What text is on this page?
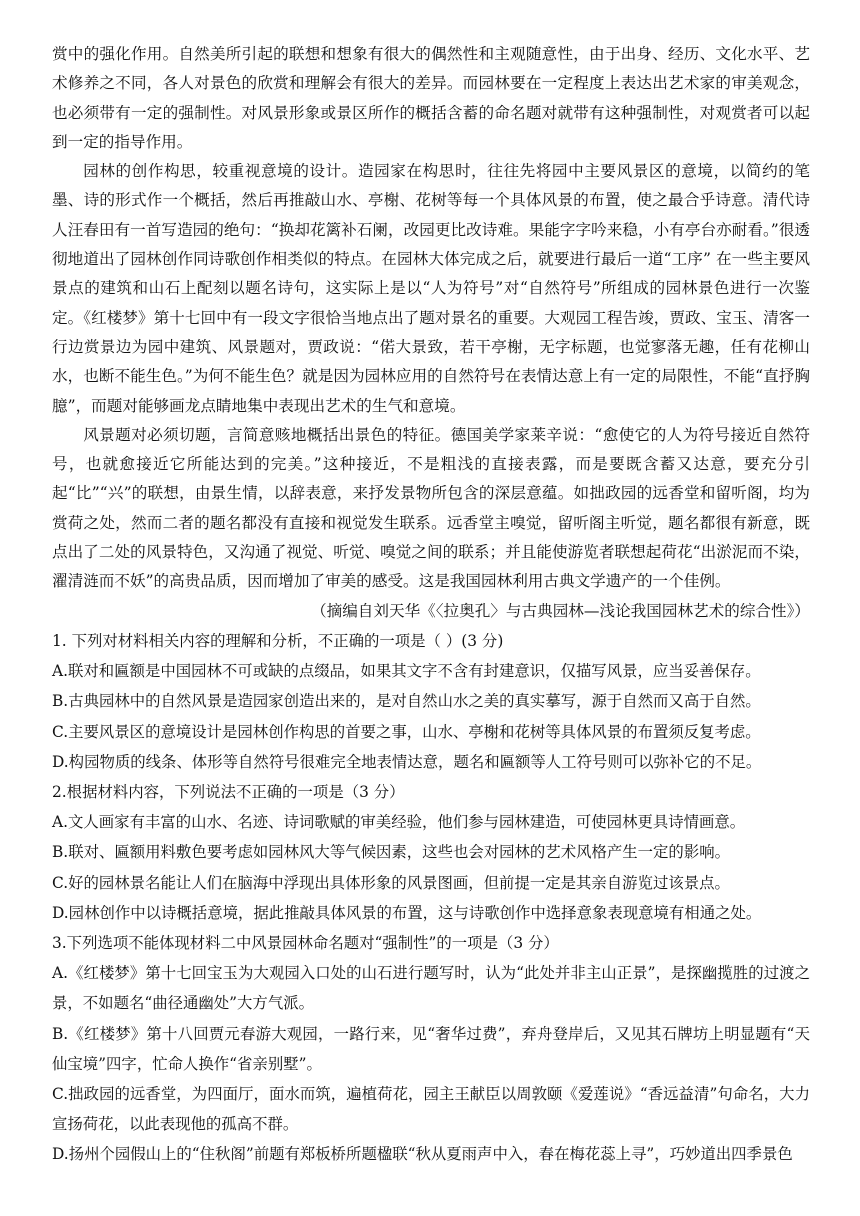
赏中的强化作用。自然美所引起的联想和想象有很大的偶然性和主观随意性，由于出身、经历、文化水平、艺术修养之不同，各人对景色的欣赏和理解会有很大的差异。而园林要在一定程度上表达出艺术家的审美观念，也必须带有一定的强制性。对风景形象或景区所作的概括含蓄的命名题对就带有这种强制性，对观赏者可以起到一定的指导作用。

园林的创作构思，较重视意境的设计。造园家在构思时，往往先将园中主要风景区的意境，以简约的笔墨、诗的形式作一个概括，然后再推敲山水、亭榭、花树等每一个具体风景的布置，使之最合乎诗意。清代诗人汪春田有一首写造园的绝句：“换却花篱补石阑，改园更比改诗难。果能字字吟来稳，小有亭台亦耐看。”很透彻地道出了园林创作同诗歌创作相类似的特点。在园林大体完成之后，就要进行最后一道“工序” 在一些主要风景点的建筑和山石上配刻以题名诗句，这实际上是以“人为符号”对“自然符号”所组成的园林景色进行一次鉴定。《红楼梦》第十七回中有一段文字很恰当地点出了题对景名的重要。大观园工程告竣，贾政、宝玉、清客一行边赏景边为园中建筑、风景题对，贾政说：“偌大景致，若干亭榭，无字标题，也觉寥落无趣，任有花柳山水，也断不能生色。”为何不能生色？就是因为园林应用的自然符号在表情达意上有一定的局限性，不能“直抒胸臆”，而题对能够画龙点睛地集中表现出艺术的生气和意境。

风景题对必须切题，言简意赅地概括出景色的特征。德国美学家莱辛说：“愈使它的人为符号接近自然符号，也就愈接近它所能达到的完美。”这种接近，不是粗浅的直接表露，而是要既含蓄又达意，要充分引起“比”“兴”的联想，由景生情，以辞表意，来抒发景物所包含的深层意蕴。如拙政园的远香堂和留听阁，均为赏荷之处，然而二者的题名都没有直接和视觉发生联系。远香堂主嗅觉，留听阁主听觉，题名都很有新意，既点出了二处的风景特色，又沟通了视觉、听觉、嗅觉之间的联系；并且能使游览者联想起荷花“出淤泥而不染，濯清涟而不妖”的高贵品质，因而增加了审美的感受。这是我国园林利用古典文学遗产的一个佳例。

（摘编自刘天华《〈拉奥孔〉与古典园林—浅论我国园林艺术的综合性》）

1. 下列对材料相关内容的理解和分析，不正确的一项是（ ）(3 分)

A.联对和匾额是中国园林不可或缺的点缀品，如果其文字不含有封建意识，仅描写风景，应当妥善保存。

B.古典园林中的自然风景是造园家创造出来的，是对自然山水之美的真实摹写，源于自然而又高于自然。

C.主要风景区的意境设计是园林创作构思的首要之事，山水、亭榭和花树等具体风景的布置须反复考虑。

D.构园物质的线条、体形等自然符号很难完全地表情达意，题名和匾额等人工符号则可以弥补它的不足。

2.根据材料内容，下列说法不正确的一项是（3 分）

A.文人画家有丰富的山水、名迹、诗词歌赋的审美经验，他们参与园林建造，可使园林更具诗情画意。

B.联对、匾额用料敷色要考虑如园林风大等气候因素，这些也会对园林的艺术风格产生一定的影响。

C.好的园林景名能让人们在脑海中浮现出具体形象的风景图画，但前提一定是其亲自游览过该景点。

D.园林创作中以诗概括意境，据此推敲具体风景的布置，这与诗歌创作中选择意象表现意境有相通之处。

3.下列选项不能体现材料二中风景园林命名题对“强制性”的一项是（3 分）

A.《红楼梦》第十七回宝玉为大观园入口处的山石进行题写时，认为“此处并非主山正景”，是探幽揽胜的过渡之景，不如题名“曲径通幽处”大方气派。

B.《红楼梦》第十八回贾元春游大观园，一路行来，见“奢华过费”，弃舟登岸后，又见其石牌坊上明显题有“天仙宝境”四字，忙命人换作“省亲别墅”。

C.拙政园的远香堂，为四面厅，面水而筑，遍植荷花，园主王献臣以周敦颐《爱莲说》“香远益清”句命名，大力宣扬荷花，以此表现他的孤高不群。

D.扬州个园假山上的“住秋阁”前题有郑板桥所题楹联“秋从夏雨声中入，春在梅花蕊上寻”，巧妙道出四季景色
